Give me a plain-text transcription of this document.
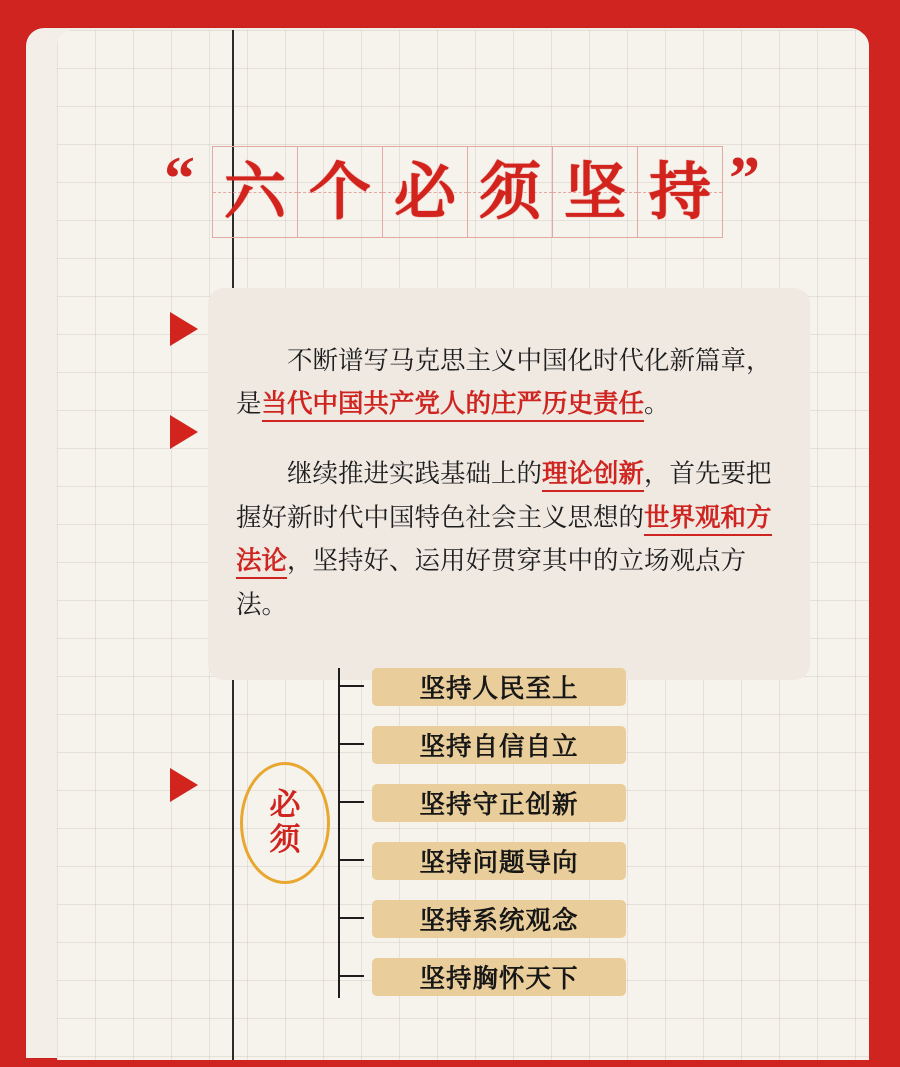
“ 六 个 必 须 坚 持 ”

不断谱写马克思主义中国化时代化新篇章，是当代中国共产党人的庄严历史责任。

继续推进实践基础上的理论创新，首先要把握好新时代中国特色社会主义思想的世界观和方法论，坚持好、运用好贯穿其中的立场观点方法。

必
须
坚持人民至上
坚持自信自立
坚持守正创新
坚持问题导向
坚持系统观念
坚持胸怀天下
